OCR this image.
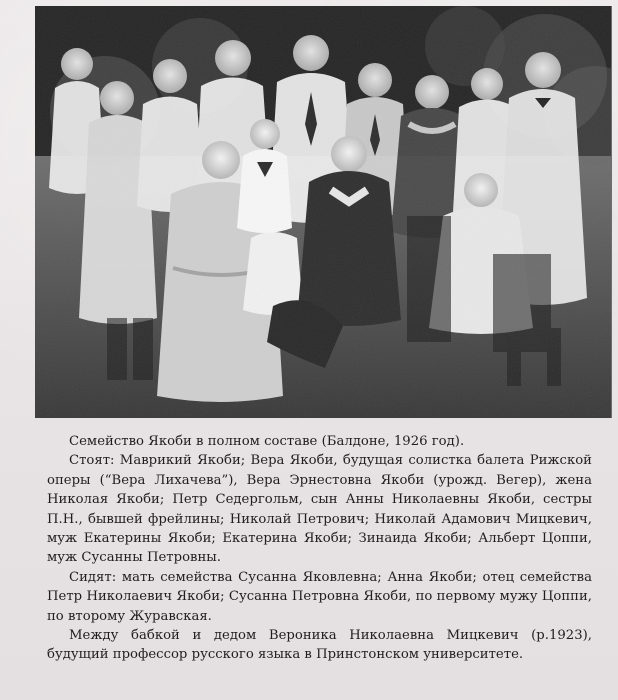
Семейство Якоби в полном составе (Балдоне, 1926 год).

Стоят: Маврикий Якоби; Вера Якоби, будущая солистка балета Рижской оперы (“Вера Лихачева”), Вера Эрнестовна Якоби (урожд. Вегер), жена Николая Якоби; Петр Седергольм, сын Анны Николаевны Якоби, сестры П.Н., бывшей фрейлины; Николай Петрович; Николай Адамович Мицкевич, муж Екатерины Якоби; Екатерина Якоби; Зинаида Якоби; Альберт Цоппи, муж Сусанны Петровны.

Сидят: мать семейства Сусанна Яковлевна; Анна Якоби; отец семейства Петр Николаевич Якоби; Сусанна Петровна Якоби, по первому мужу Цоппи, по второму Журавская.

Между бабкой и дедом Вероника Николаевна Мицкевич (р.1923), будущий профессор русского языка в Принстонском университете.
